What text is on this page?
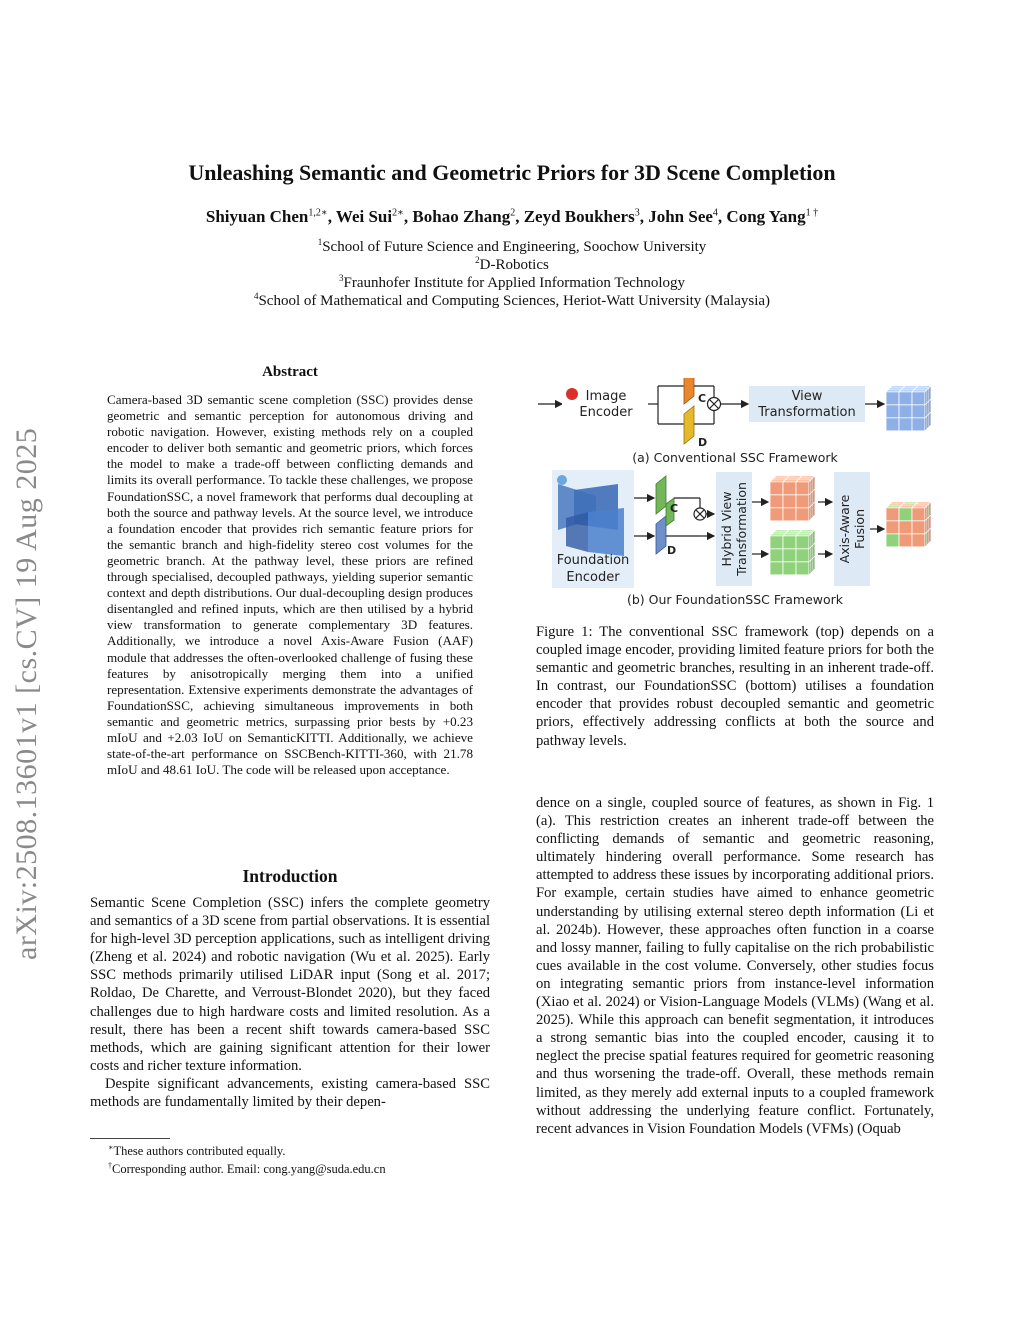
arXiv:2508.13601v1 [cs.CV] 19 Aug 2025
Unleashing Semantic and Geometric Priors for 3D Scene Completion
Shiyuan Chen$^{1,2∗}$, Wei Sui$^{2∗}$, Bohao Zhang$^2$, Zeyd Boukhers$^3$, John See$^4$, Cong Yang$^{1 \dagger}$
$^1$School of Future Science and Engineering, Soochow University
$^2$D-Robotics
$^3$Fraunhofer Institute for Applied Information Technology
$^4$School of Mathematical and Computing Sciences, Heriot-Watt University (Malaysia)
Abstract
Camera-based 3D semantic scene completion (SSC) provides dense geometric and semantic perception for autonomous driving and robotic navigation. However, existing methods rely on a coupled encoder to deliver both semantic and geometric priors, which forces the model to make a trade-off between conflicting demands and limits its overall performance. To tackle these challenges, we propose FoundationSSC, a novel framework that performs dual decoupling at both the source and pathway levels. At the source level, we introduce a foundation encoder that provides rich semantic feature priors for the semantic branch and high-fidelity stereo cost volumes for the geometric branch. At the pathway level, these priors are refined through specialised, decoupled pathways, yielding superior semantic context and depth distributions. Our dual-decoupling design produces disentangled and refined inputs, which are then utilised by a hybrid view transformation to generate complementary 3D features. Additionally, we introduce a novel Axis-Aware Fusion (AAF) module that addresses the often-overlooked challenge of fusing these features by anisotropically merging them into a unified representation. Extensive experiments demonstrate the advantages of FoundationSSC, achieving simultaneous improvements in both semantic and geometric metrics, surpassing prior bests by +0.23 mIoU and +2.03 IoU on SemanticKITTI. Additionally, we achieve state-of-the-art performance on SSCBench-KITTI-360, with 21.78 mIoU and 48.61 IoU. The code will be released upon acceptance.
Introduction

Semantic Scene Completion (SSC) infers the complete geometry and semantics of a 3D scene from partial observations. It is essential for high-level 3D perception applications, such as intelligent driving (Zheng et al. 2024) and robotic navigation (Wu et al. 2025). Early SSC methods primarily utilised LiDAR input (Song et al. 2017; Roldao, De Charette, and Verroust-Blondet 2020), but they faced challenges due to high hardware costs and limited resolution. As a result, there has been a recent shift towards camera-based SSC methods, which are gaining significant attention for their lower costs and richer texture information.

Despite significant advancements, existing camera-based SSC methods are fundamentally limited by their depen-

∗These authors contributed equally.
†Corresponding author. Email: cong.yang@suda.edu.cn

dence on a single, coupled source of features, as shown in Fig. 1 (a). This restriction creates an inherent trade-off between the conflicting demands of semantic and geometric reasoning, ultimately hindering overall performance. Some research has attempted to address these issues by incorporating additional priors. For example, certain studies have aimed to enhance geometric understanding by utilising external stereo depth information (Li et al. 2024b). However, these approaches often function in a coarse and lossy manner, failing to fully capitalise on the rich probabilistic cues available in the cost volume. Conversely, other studies focus on integrating semantic priors from instance-level information (Xiao et al. 2024) or Vision-Language Models (VLMs) (Wang et al. 2025). While this approach can benefit segmentation, it introduces a strong semantic bias into the coupled encoder, causing it to neglect the precise spatial features required for geometric reasoning and thus worsening the trade-off. Overall, these methods remain limited, as they merely add external inputs to a coupled framework without addressing the underlying feature conflict. Fortunately, recent advances in Vision Foundation Models (VFMs) (Oquab

Image
Encoder
C
D
View
Transformation
(a) Conventional SSC Framework
Foundation
Encoder
C
D	Hybrid View Transformation	Axis-Aware Fusion
(b) Our FoundationSSC Framework
Figure 1: The conventional SSC framework (top) depends on a coupled image encoder, providing limited feature priors for both the semantic and geometric branches, resulting in an inherent trade-off. In contrast, our FoundationSSC (bottom) utilises a foundation encoder that provides robust decoupled semantic and geometric priors, effectively addressing conflicts at both the source and pathway levels.
